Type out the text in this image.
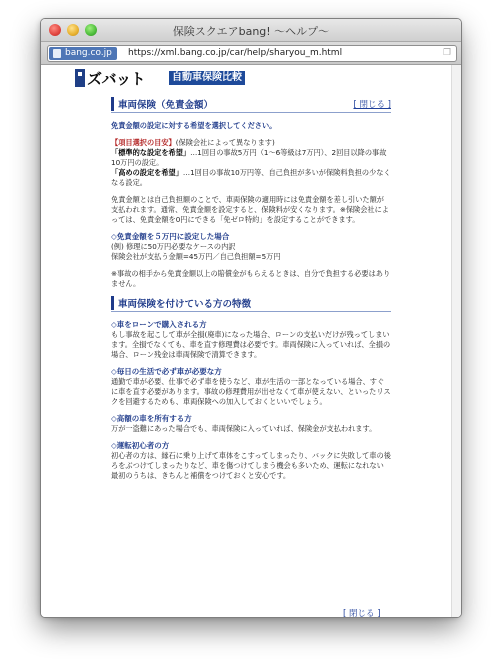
保険スクエアbang! 〜ヘルプ〜
bang.co.jp	https://xml.bang.co.jp/car/help/sharyou_m.html	❐
ズバット	自動車保険比較
車両保険（免責金額）	[ 閉じる ]

免責金額の設定に対する希望を選択してください。

【項目選択の目安】(保険会社によって異なります)
「標準的な設定を希望」…1回目の事故5万円（1〜6等級は7万円）、2回目以降の事故10万円の設定。
「高めの設定を希望」…1回目の事故10万円等、自己負担が多いが保険料負担の少なくなる設定。

免責金額とは自己負担額のことで、車両保険の適用時には免責金額を差し引いた額が支払われます。通常、免責金額を設定すると、保険料が安くなります。※保険会社によっては、免責金額を0円にできる「免ゼロ特約」を設定することができます。

◇免責金額を５万円に設定した場合
(例) 修理に50万円必要なケースの内訳
保険会社が支払う金額=45万円／自己負担額=5万円

※事故の相手から免責金額以上の賠償金がもらえるときは、自分で負担する必要はありません。

車両保険を付けている方の特徴
◇車をローンで購入される方

もし事故を起こして車が全損(廃車)になった場合、ローンの支払いだけが残ってしまいます。全損でなくても、車を直す修理費は必要です。車両保険に入っていれば、全損の場合、ローン残金は車両保険で清算できます。

◇毎日の生活で必ず車が必要な方

通勤で車が必要、仕事で必ず車を使うなど、車が生活の一部となっている場合、すぐに車を直す必要があります。事故の修理費用が出せなくて車が使えない、といったリスクを回避するためも、車両保険への加入しておくといいでしょう。

◇高額の車を所有する方

万が一盗難にあった場合でも、車両保険に入っていれば、保険金が支払われます。

◇運転初心者の方

初心者の方は、縁石に乗り上げて車体をこすってしまったり、バックに失敗して車の後ろをぶつけてしまったりなど、車を傷つけてしまう機会も多いため、運転になれない最初のうちは、きちんと補償をつけておくと安心です。

[ 閉じる ]
